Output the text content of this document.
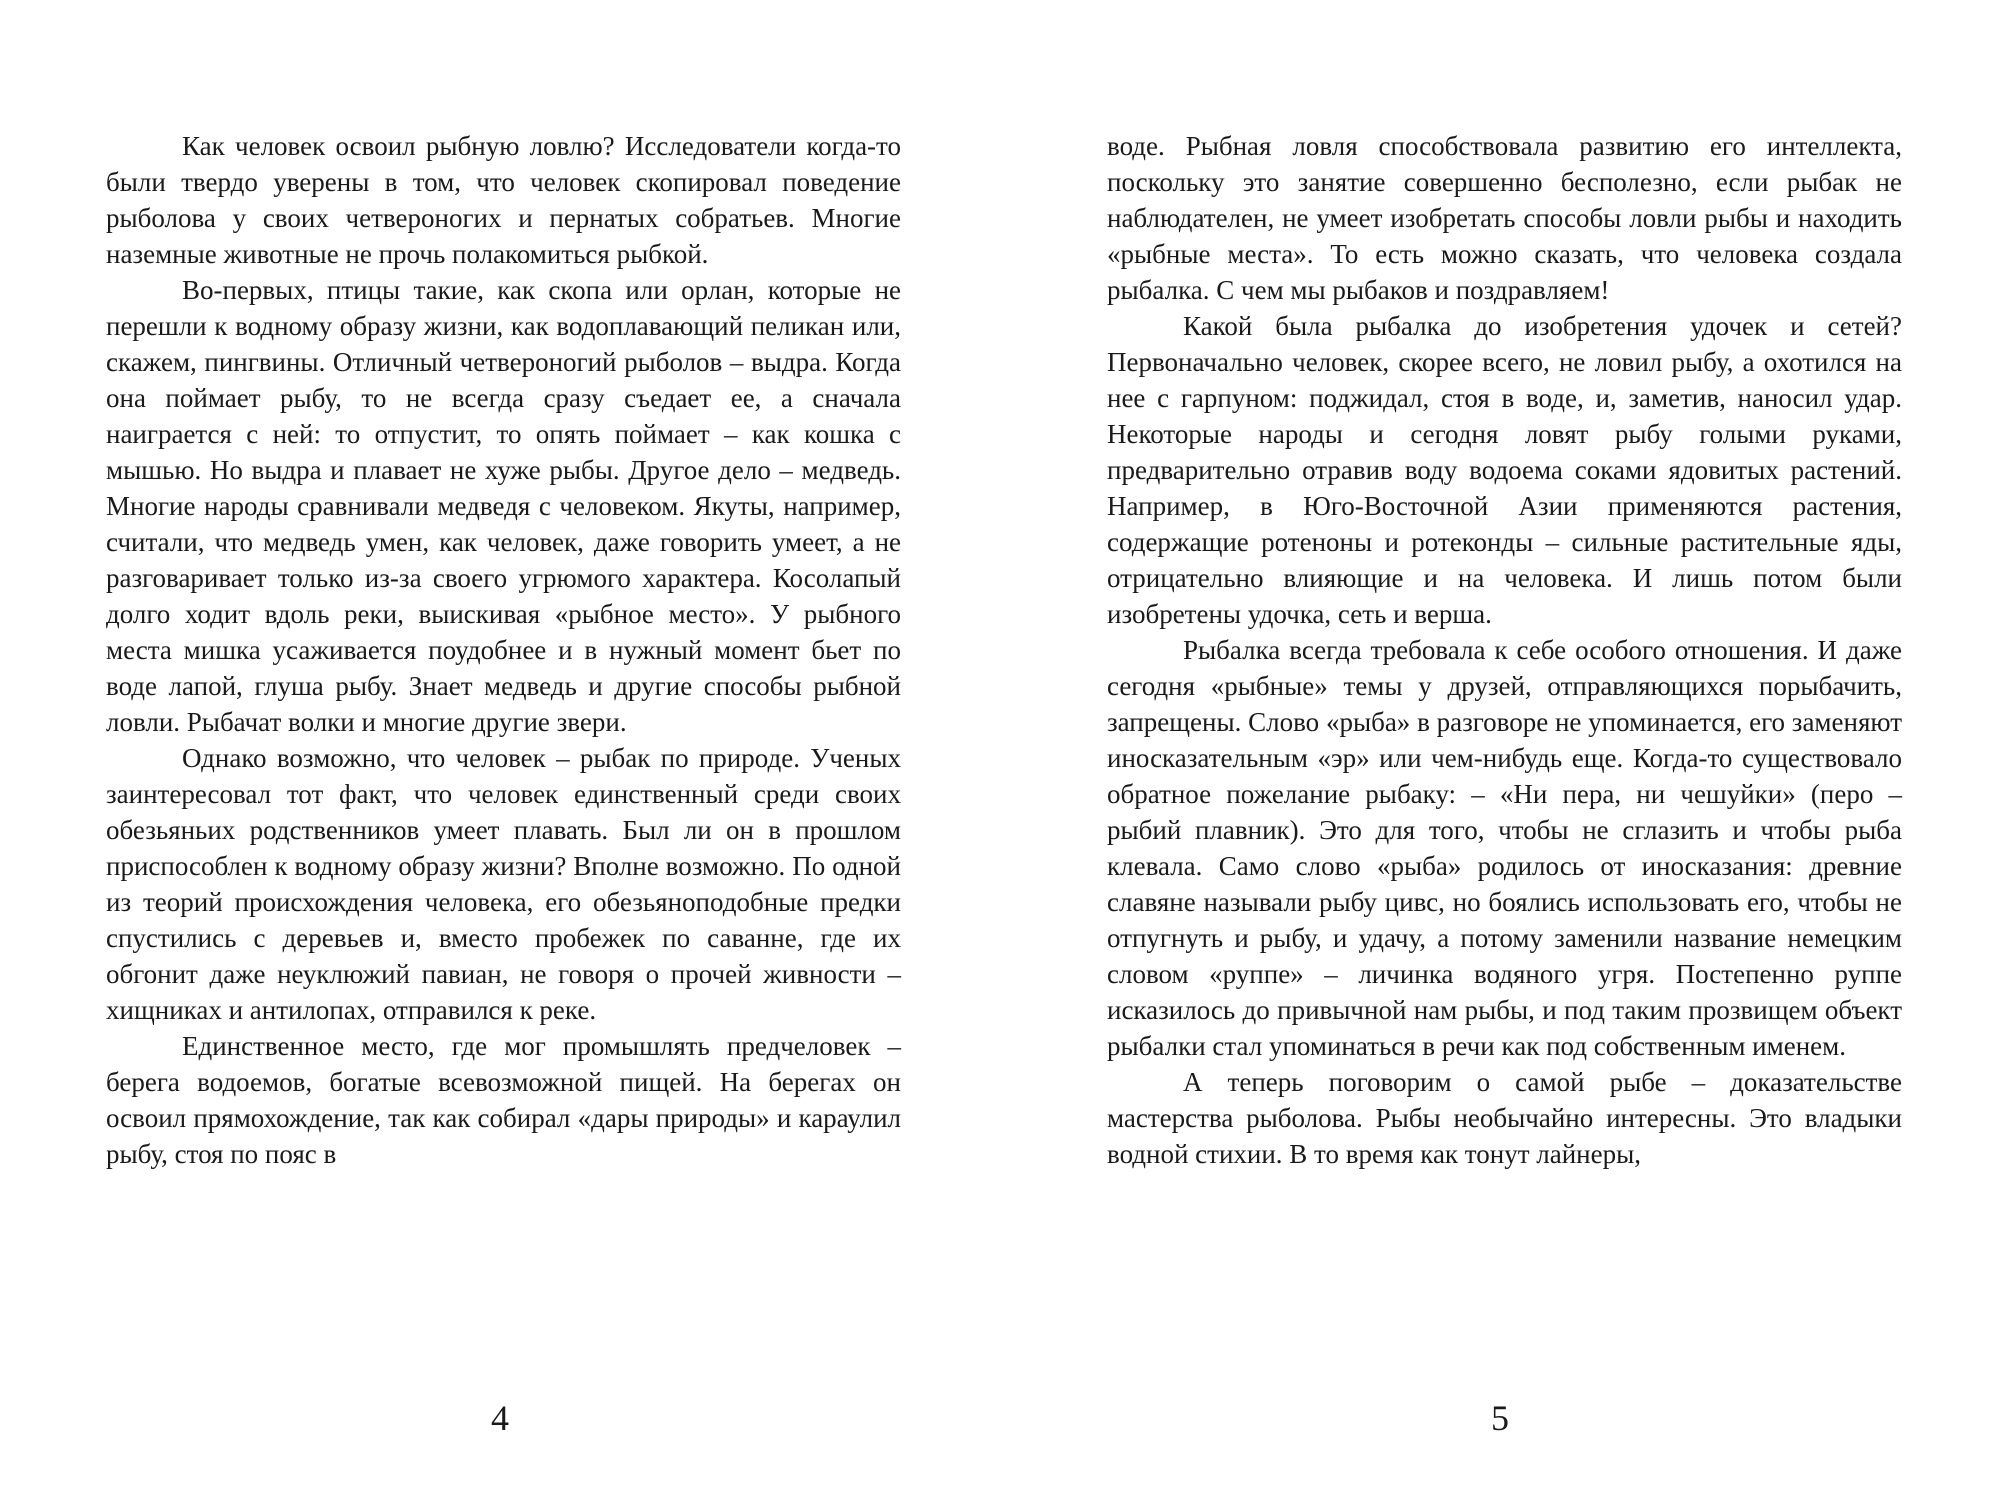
Как человек освоил рыбную ловлю? Исследователи когда-то были твердо уверены в том, что человек скопировал поведение рыболова у своих четвероногих и пернатых собратьев. Многие наземные животные не прочь полакомиться рыбкой.

Во-первых, птицы такие, как скопа или орлан, которые не перешли к водному образу жизни, как водоплавающий пеликан или, скажем, пингвины. Отличный четвероногий рыболов – выдра. Когда она поймает рыбу, то не всегда сразу съедает ее, а сначала наиграется с ней: то отпустит, то опять поймает – как кошка с мышью. Но выдра и плавает не хуже рыбы. Другое дело – медведь. Многие народы сравнивали медведя с человеком. Якуты, например, считали, что медведь умен, как человек, даже говорить умеет, а не разговаривает только из-за своего угрюмого характера. Косолапый долго ходит вдоль реки, выискивая «рыбное место». У рыбного места мишка усаживается поудобнее и в нужный момент бьет по воде лапой, глуша рыбу. Знает медведь и другие способы рыбной ловли. Рыбачат волки и многие другие звери.

Однако возможно, что человек – рыбак по природе. Ученых заинтересовал тот факт, что человек единственный среди своих обезьяньих родственников умеет плавать. Был ли он в прошлом приспособлен к водному образу жизни? Вполне возможно. По одной из теорий происхождения человека, его обезьяноподобные предки спустились с деревьев и, вместо пробежек по саванне, где их обгонит даже неуклюжий павиан, не говоря о прочей живности – хищниках и антилопах, отправился к реке.

Единственное место, где мог промышлять предчеловек – берега водоемов, богатые всевозможной пищей. На берегах он освоил прямохождение, так как собирал «дары природы» и караулил рыбу, стоя по пояс в

4

воде. Рыбная ловля способствовала развитию его интеллекта, поскольку это занятие совершенно бесполезно, если рыбак не наблюдателен, не умеет изобретать способы ловли рыбы и находить «рыбные места». То есть можно сказать, что человека создала рыбалка. С чем мы рыбаков и поздравляем!

Какой была рыбалка до изобретения удочек и сетей? Первоначально человек, скорее всего, не ловил рыбу, а охотился на нее с гарпуном: поджидал, стоя в воде, и, заметив, наносил удар. Некоторые народы и сегодня ловят рыбу голыми руками, предварительно отравив воду водоема соками ядовитых растений. Например, в Юго-Восточной Азии применяются растения, содержащие ротеноны и ротеконды – сильные растительные яды, отрицательно влияющие и на человека. И лишь потом были изобретены удочка, сеть и верша.

Рыбалка всегда требовала к себе особого отношения. И даже сегодня «рыбные» темы у друзей, отправляющихся порыбачить, запрещены. Слово «рыба» в разговоре не упоминается, его заменяют иносказательным «эр» или чем-нибудь еще. Когда-то существовало обратное пожелание рыбаку: – «Ни пера, ни чешуйки» (перо – рыбий плавник). Это для того, чтобы не сглазить и чтобы рыба клевала. Само слово «рыба» родилось от иносказания: древние славяне называли рыбу цивс, но боялись использовать его, чтобы не отпугнуть и рыбу, и удачу, а потому заменили название немецким словом «руппе» – личинка водяного угря. Постепенно руппе исказилось до привычной нам рыбы, и под таким прозвищем объект рыбалки стал упоминаться в речи как под собственным именем.

А теперь поговорим о самой рыбе – доказательстве мастерства рыболова. Рыбы необычайно интересны. Это владыки водной стихии. В то время как тонут лайнеры,

5
